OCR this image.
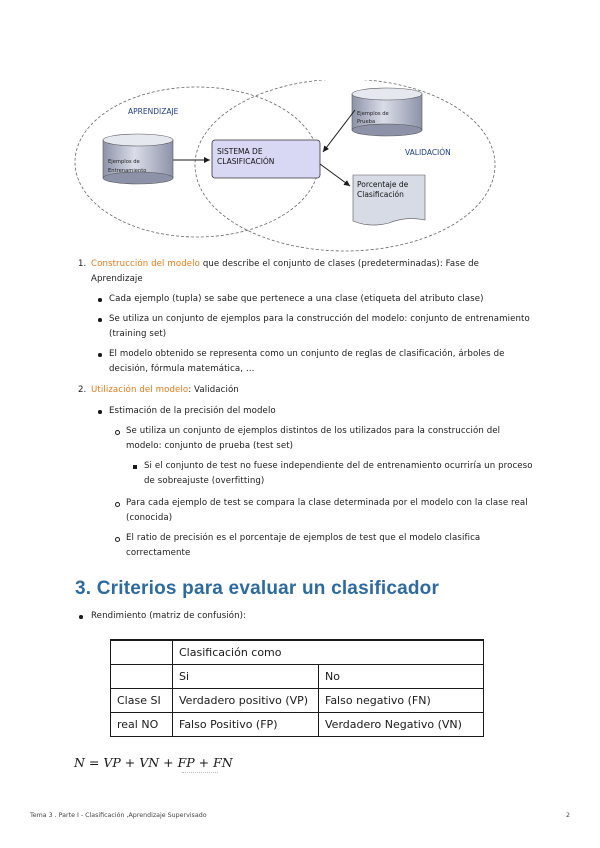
APRENDIZAJE
VALIDACIÓN
Ejemplos de
Entrenamiento
SISTEMA DE
CLASIFICACIÓN
Ejemplos de
Prueba
Porcentaje de
Clasificación
1. Construcción del modelo que describe el conjunto de clases (predeterminadas): Fase de
Aprendizaje
Cada ejemplo (tupla) se sabe que pertenece a una clase (etiqueta del atributo clase)
Se utiliza un conjunto de ejemplos para la construcción del modelo: conjunto de entrenamiento
(training set)
El modelo obtenido se representa como un conjunto de reglas de clasificación, árboles de
decisión, fórmula matemática, …
2. Utilización del modelo: Validación
Estimación de la precisión del modelo
Se utiliza un conjunto de ejemplos distintos de los utilizados para la construcción del
modelo: conjunto de prueba (test set)
Si el conjunto de test no fuese independiente del de entrenamiento ocurriría un proceso
de sobreajuste (overfitting)
Para cada ejemplo de test se compara la clase determinada por el modelo con la clase real
(conocida)
El ratio de precisión es el porcentaje de ejemplos de test que el modelo clasifica
correctamente
3. Criterios para evaluar un clasificador
Rendimiento (matriz de confusión):
	Clasificación como	
	Si	No
Clase SI	Verdadero positivo (VP)	Falso negativo (FN)
real NO	Falso Positivo (FP)	Verdadero Negativo (VN)
N = VP + VN + FP + FN
Tema 3 . Parte I - Clasificación ,Aprendizaje Supervisado	2
